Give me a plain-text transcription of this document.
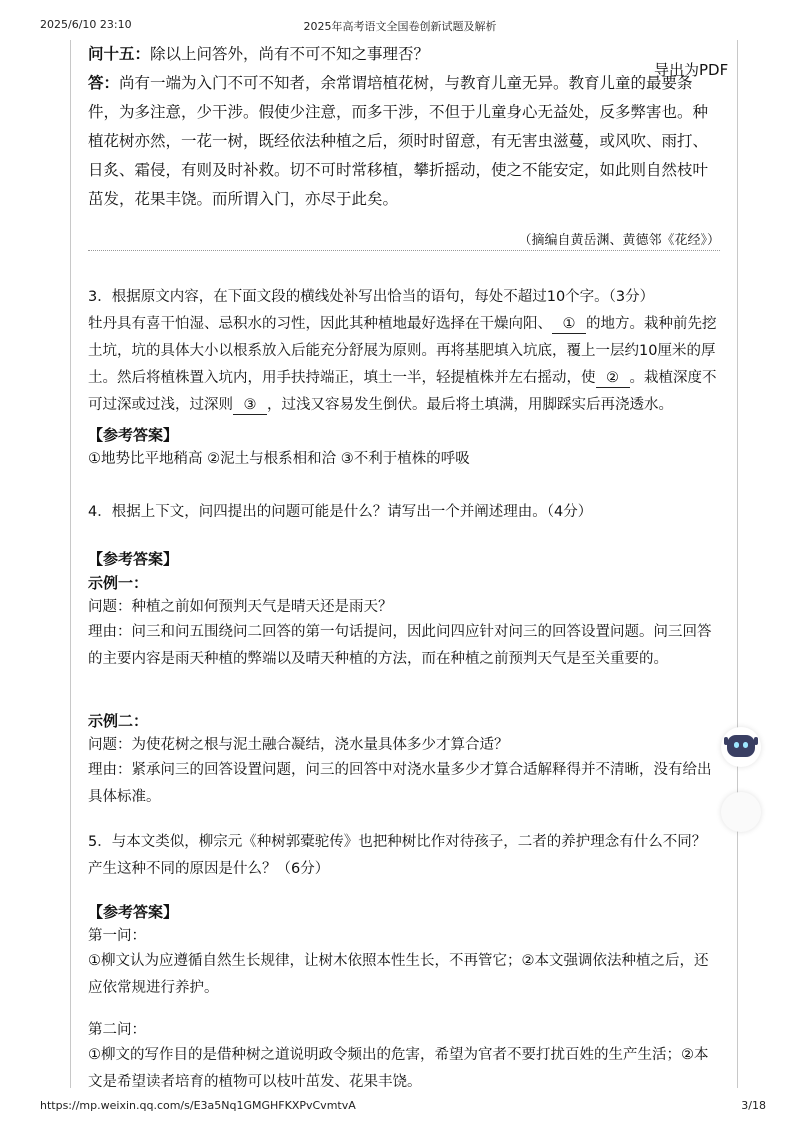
2025/6/10 23:10	2025年高考语文全国卷创新试题及解析

问十五：除以上问答外，尚有不可不知之事理否？

答：尚有一端为入门不可不知者，余常谓培植花树，与教育儿童无异。教育儿童的最要条件，为多注意，少干涉。假使少注意，而多干涉，不但于儿童身心无益处，反多弊害也。种植花树亦然，一花一树，既经依法种植之后，须时时留意，有无害虫滋蔓，或风吹、雨打、日炙、霜侵，有则及时补救。切不可时常移植，攀折摇动，使之不能安定，如此则自然枝叶茁发，花果丰饶。而所谓入门，亦尽于此矣。

（摘编自黄岳渊、黄德邻《花经》）

导出为PDF

3．根据原文内容，在下面文段的横线处补写出恰当的语句，每处不超过10个字。（3分）

牡丹具有喜干怕湿、忌积水的习性，因此其种植地最好选择在干燥向阳、 ① 的地方。栽种前先挖土坑，坑的具体大小以根系放入后能充分舒展为原则。再将基肥填入坑底，覆上一层约10厘米的厚土。然后将植株置入坑内，用手扶持端正，填土一半，轻提植株并左右摇动，使 ② 。栽植深度不可过深或过浅，过深则 ③ ，过浅又容易发生倒伏。最后将土填满，用脚踩实后再浇透水。

【参考答案】

①地势比平地稍高 ②泥土与根系相和洽 ③不利于植株的呼吸

4．根据上下文，问四提出的问题可能是什么？请写出一个并阐述理由。（4分）

【参考答案】

示例一：

问题：种植之前如何预判天气是晴天还是雨天？

理由：问三和问五围绕问二回答的第一句话提问，因此问四应针对问三的回答设置问题。问三回答的主要内容是雨天种植的弊端以及晴天种植的方法，而在种植之前预判天气是至关重要的。

示例二：

问题：为使花树之根与泥土融合凝结，浇水量具体多少才算合适？

理由：紧承问三的回答设置问题，问三的回答中对浇水量多少才算合适解释得并不清晰，没有给出具体标准。

5．与本文类似，柳宗元《种树郭橐驼传》也把种树比作对待孩子，二者的养护理念有什么不同？产生这种不同的原因是什么？（6分）

【参考答案】

第一问：

①柳文认为应遵循自然生长规律，让树木依照本性生长，不再管它；②本文强调依法种植之后，还应依常规进行养护。

第二问：

①柳文的写作目的是借种树之道说明政令频出的危害，希望为官者不要打扰百姓的生产生活；②本文是希望读者培育的植物可以枝叶茁发、花果丰饶。

https://mp.weixin.qq.com/s/E3a5Nq1GMGHFKXPvCvmtvA	3/18
